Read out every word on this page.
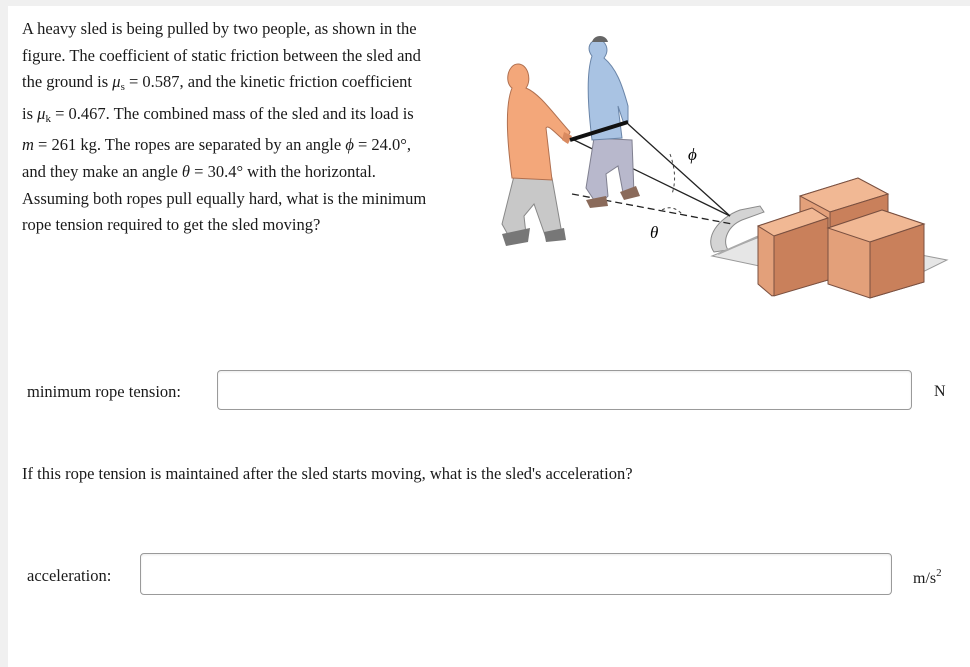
A heavy sled is being pulled by two people, as shown in the
figure. The coefficient of static friction between the sled and
the ground is $\mu_s = 0.587$, and the kinetic friction coefficient
is $\mu_k = 0.467$. The combined mass of the sled and its load is
m = 261 kg. The ropes are separated by an angle ϕ = 24.0°,
and they make an angle θ = 30.4° with the horizontal.
Assuming both ropes pull equally hard, what is the minimum
rope tension required to get the sled moving?
ϕ
θ
minimum rope tension:	N
If this rope tension is maintained after the sled starts moving, what is the sled's acceleration?
acceleration:	$m/s^2$
